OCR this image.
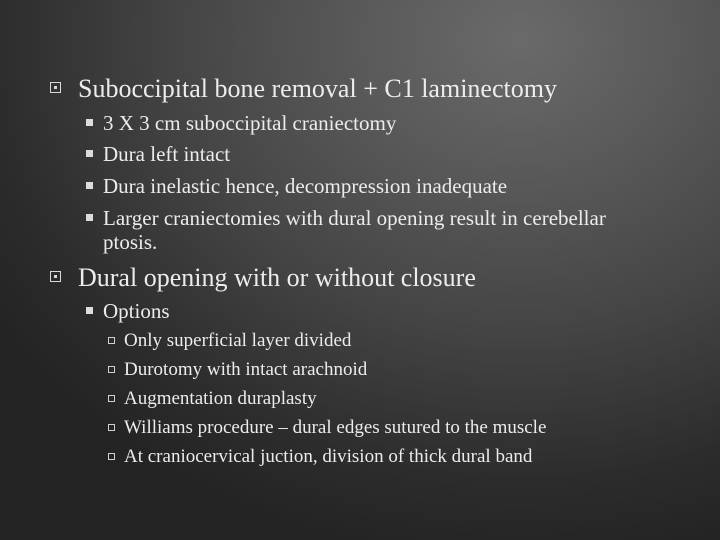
Suboccipital bone removal + C1 laminectomy
3 X 3 cm suboccipital craniectomy
Dura left intact
Dura inelastic hence, decompression inadequate
Larger craniectomies with dural opening result in cerebellar ptosis.
Dural opening with or without closure
Options
Only superficial layer divided
Durotomy with intact arachnoid
Augmentation duraplasty
Williams procedure – dural edges sutured to the muscle
At craniocervical juction, division of thick dural band
